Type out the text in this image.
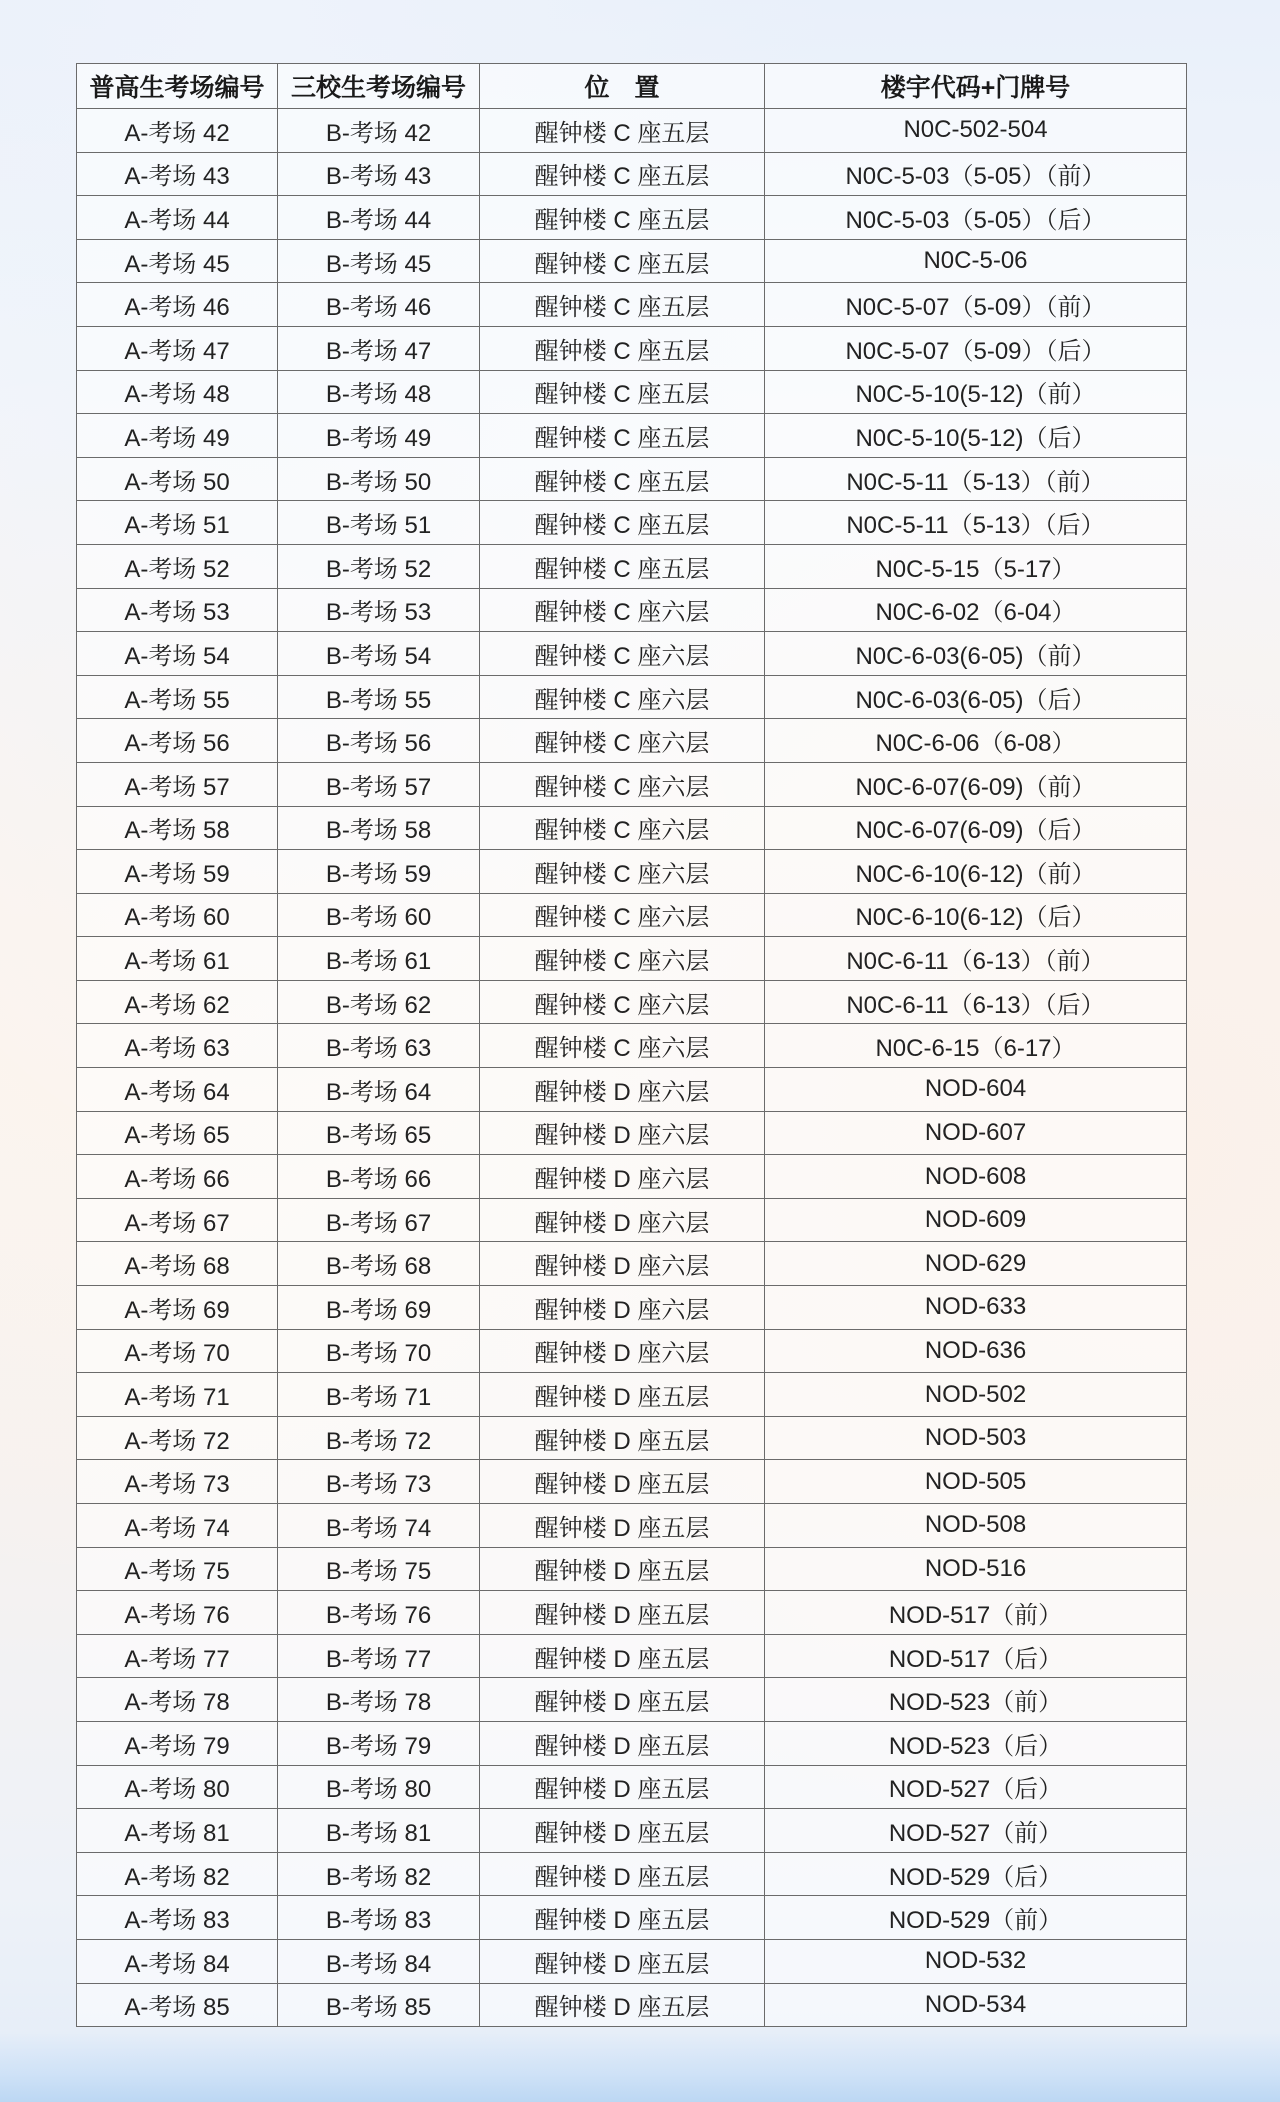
普高生考场编号	三校生考场编号	位　置	楼宇代码+门牌号
A-考场 42	B-考场 42	醒钟楼 C 座五层	N0C-502-504
A-考场 43	B-考场 43	醒钟楼 C 座五层	N0C-5-03（5-05）（前）
A-考场 44	B-考场 44	醒钟楼 C 座五层	N0C-5-03（5-05）（后）
A-考场 45	B-考场 45	醒钟楼 C 座五层	N0C-5-06
A-考场 46	B-考场 46	醒钟楼 C 座五层	N0C-5-07（5-09）（前）
A-考场 47	B-考场 47	醒钟楼 C 座五层	N0C-5-07（5-09）（后）
A-考场 48	B-考场 48	醒钟楼 C 座五层	N0C-5-10(5-12)（前）
A-考场 49	B-考场 49	醒钟楼 C 座五层	N0C-5-10(5-12)（后）
A-考场 50	B-考场 50	醒钟楼 C 座五层	N0C-5-11（5-13）（前）
A-考场 51	B-考场 51	醒钟楼 C 座五层	N0C-5-11（5-13）（后）
A-考场 52	B-考场 52	醒钟楼 C 座五层	N0C-5-15（5-17）
A-考场 53	B-考场 53	醒钟楼 C 座六层	N0C-6-02（6-04）
A-考场 54	B-考场 54	醒钟楼 C 座六层	N0C-6-03(6-05)（前）
A-考场 55	B-考场 55	醒钟楼 C 座六层	N0C-6-03(6-05)（后）
A-考场 56	B-考场 56	醒钟楼 C 座六层	N0C-6-06（6-08）
A-考场 57	B-考场 57	醒钟楼 C 座六层	N0C-6-07(6-09)（前）
A-考场 58	B-考场 58	醒钟楼 C 座六层	N0C-6-07(6-09)（后）
A-考场 59	B-考场 59	醒钟楼 C 座六层	N0C-6-10(6-12)（前）
A-考场 60	B-考场 60	醒钟楼 C 座六层	N0C-6-10(6-12)（后）
A-考场 61	B-考场 61	醒钟楼 C 座六层	N0C-6-11（6-13）（前）
A-考场 62	B-考场 62	醒钟楼 C 座六层	N0C-6-11（6-13）（后）
A-考场 63	B-考场 63	醒钟楼 C 座六层	N0C-6-15（6-17）
A-考场 64	B-考场 64	醒钟楼 D 座六层	NOD-604
A-考场 65	B-考场 65	醒钟楼 D 座六层	NOD-607
A-考场 66	B-考场 66	醒钟楼 D 座六层	NOD-608
A-考场 67	B-考场 67	醒钟楼 D 座六层	NOD-609
A-考场 68	B-考场 68	醒钟楼 D 座六层	NOD-629
A-考场 69	B-考场 69	醒钟楼 D 座六层	NOD-633
A-考场 70	B-考场 70	醒钟楼 D 座六层	NOD-636
A-考场 71	B-考场 71	醒钟楼 D 座五层	NOD-502
A-考场 72	B-考场 72	醒钟楼 D 座五层	NOD-503
A-考场 73	B-考场 73	醒钟楼 D 座五层	NOD-505
A-考场 74	B-考场 74	醒钟楼 D 座五层	NOD-508
A-考场 75	B-考场 75	醒钟楼 D 座五层	NOD-516
A-考场 76	B-考场 76	醒钟楼 D 座五层	NOD-517（前）
A-考场 77	B-考场 77	醒钟楼 D 座五层	NOD-517（后）
A-考场 78	B-考场 78	醒钟楼 D 座五层	NOD-523（前）
A-考场 79	B-考场 79	醒钟楼 D 座五层	NOD-523（后）
A-考场 80	B-考场 80	醒钟楼 D 座五层	NOD-527（后）
A-考场 81	B-考场 81	醒钟楼 D 座五层	NOD-527（前）
A-考场 82	B-考场 82	醒钟楼 D 座五层	NOD-529（后）
A-考场 83	B-考场 83	醒钟楼 D 座五层	NOD-529（前）
A-考场 84	B-考场 84	醒钟楼 D 座五层	NOD-532
A-考场 85	B-考场 85	醒钟楼 D 座五层	NOD-534
